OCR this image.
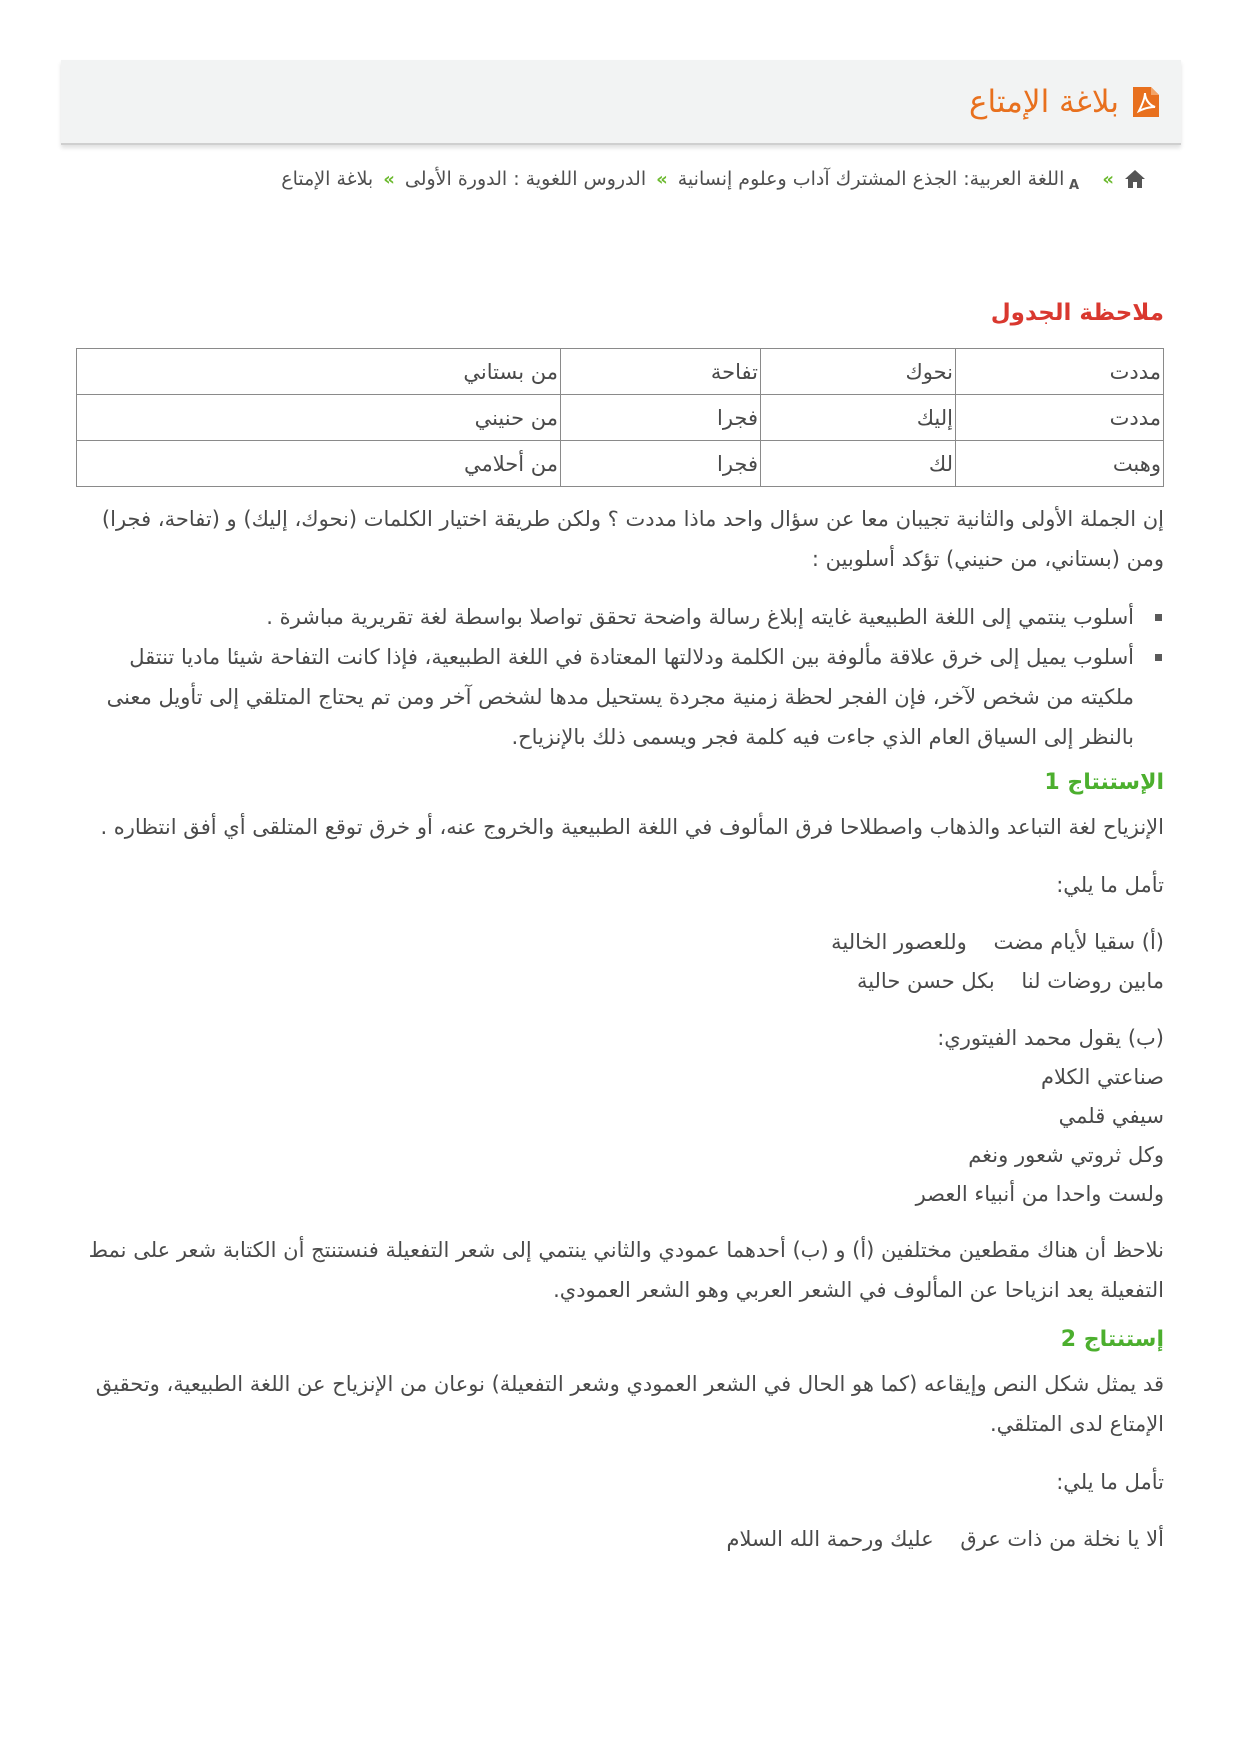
بلاغة الإمتاع
»
A
اللغة العربية: الجذع المشترك آداب وعلوم إنسانية
»
الدروس اللغوية : الدورة الأولى
»
بلاغة الإمتاع
ملاحظة الجدول
مددت	نحوك	تفاحة	من بستاني
مددت	إليك	فجرا	من حنيني
وهبت	لك	فجرا	من أحلامي

إن الجملة الأولى والثانية تجيبان معا عن سؤال واحد ماذا مددت ؟ ولكن طريقة اختيار الكلمات (نحوك، إليك) و (تفاحة، فجرا) ومن (بستاني، من حنيني) تؤكد أسلوبين :

أسلوب ينتمي إلى اللغة الطبيعية غايته إبلاغ رسالة واضحة تحقق تواصلا بواسطة لغة تقريرية مباشرة .
أسلوب يميل إلى خرق علاقة مألوفة بين الكلمة ودلالتها المعتادة في اللغة الطبيعية، فإذا كانت التفاحة شيئا ماديا تنتقل ملكيته من شخص لآخر، فإن الفجر لحظة زمنية مجردة يستحيل مدها لشخص آخر ومن تم يحتاج المتلقي إلى تأويل معنى بالنظر إلى السياق العام الذي جاءت فيه كلمة فجر ويسمى ذلك بالإنزياح.
الإستنتاج 1

الإنزياح لغة التباعد والذهاب واصطلاحا فرق المألوف في اللغة الطبيعية والخروج عنه، أو خرق توقع المتلقى أي أفق انتظاره .

تأمل ما يلي:

(أ) سقيا لأيام مضت    وللعصور الخالية
مابين روضات لنا    بكل حسن حالية
(ب) يقول محمد الفيتوري:
صناعتي الكلام
سيفي قلمي
وكل ثروتي شعور ونغم
ولست واحدا من أنبياء العصر

نلاحظ أن هناك مقطعين مختلفين (أ) و (ب) أحدهما عمودي والثاني ينتمي إلى شعر التفعيلة فنستنتج أن الكتابة شعر على نمط التفعيلة يعد انزياحا عن المألوف في الشعر العربي وهو الشعر العمودي.

إستنتاج 2

قد يمثل شكل النص وإيقاعه (كما هو الحال في الشعر العمودي وشعر التفعيلة) نوعان من الإنزياح عن اللغة الطبيعية، وتحقيق الإمتاع لدى المتلقي.

تأمل ما يلي:

ألا يا نخلة من ذات عرق    عليك ورحمة الله السلام
